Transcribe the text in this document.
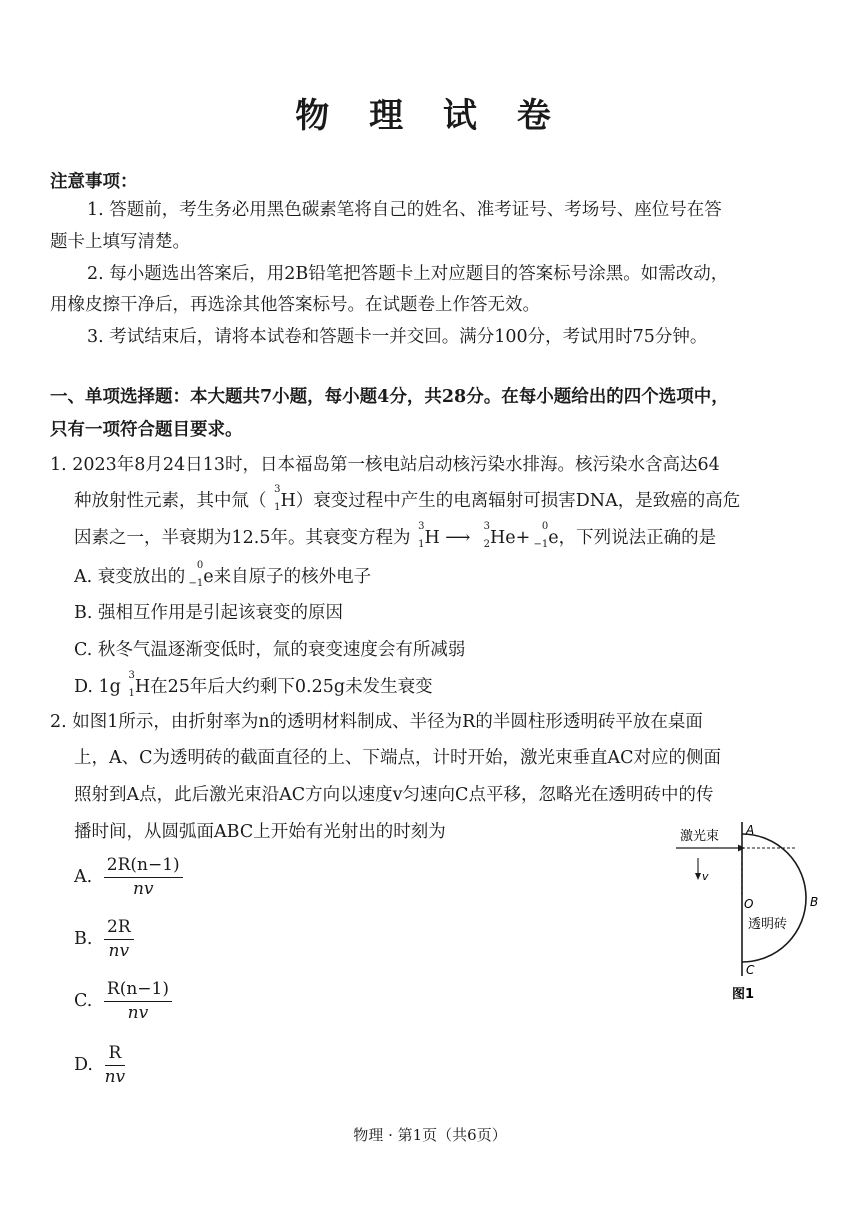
物 理 试 卷
注意事项：
1. 答题前，考生务必用黑色碳素笔将自己的姓名、准考证号、考场号、座位号在答
题卡上填写清楚。
2. 每小题选出答案后，用2B铅笔把答题卡上对应题目的答案标号涂黑。如需改动，
用橡皮擦干净后，再选涂其他答案标号。在试题卷上作答无效。
3. 考试结束后，请将本试卷和答题卡一并交回。满分100分，考试用时75分钟。
一、单项选择题：本大题共7小题，每小题4分，共28分。在每小题给出的四个选项中，
只有一项符合题目要求。
1. 2023年8月24日13时，日本福岛第一核电站启动核污染水排海。核污染水含高达64
种放射性元素，其中氚（
3
1 H）衰变过程中产生的电离辐射可损害DNA，是致癌的高危
因素之一，半衰期为12.5年。其衰变方程为
3
1 H ⟶
3
2 He+
0
−1 e，下列说法正确的是
A. 衰变放出的
0
−1 e来自原子的核外电子
B. 强相互作用是引起该衰变的原因
C. 秋冬气温逐渐变低时，氚的衰变速度会有所减弱
D. 1g
3
1 H在25年后大约剩下0.25g未发生衰变
2. 如图1所示，由折射率为n的透明材料制成、半径为R的半圆柱形透明砖平放在桌面
上，A、C为透明砖的截面直径的上、下端点，计时开始，激光束垂直AC对应的侧面
照射到A点，此后激光束沿AC方向以速度v匀速向C点平移，忽略光在透明砖中的传
播时间，从圆弧面ABC上开始有光射出的时刻为
A. $\frac{2R(n-1)}{nv}$
B. $\frac{2R}{nv}$
C. $\frac{R(n-1)}{nv}$
D. $\frac{R}{nv}$
激光束 A
B
C
O
v
透明砖
图1
物理 · 第1页（共6页）
